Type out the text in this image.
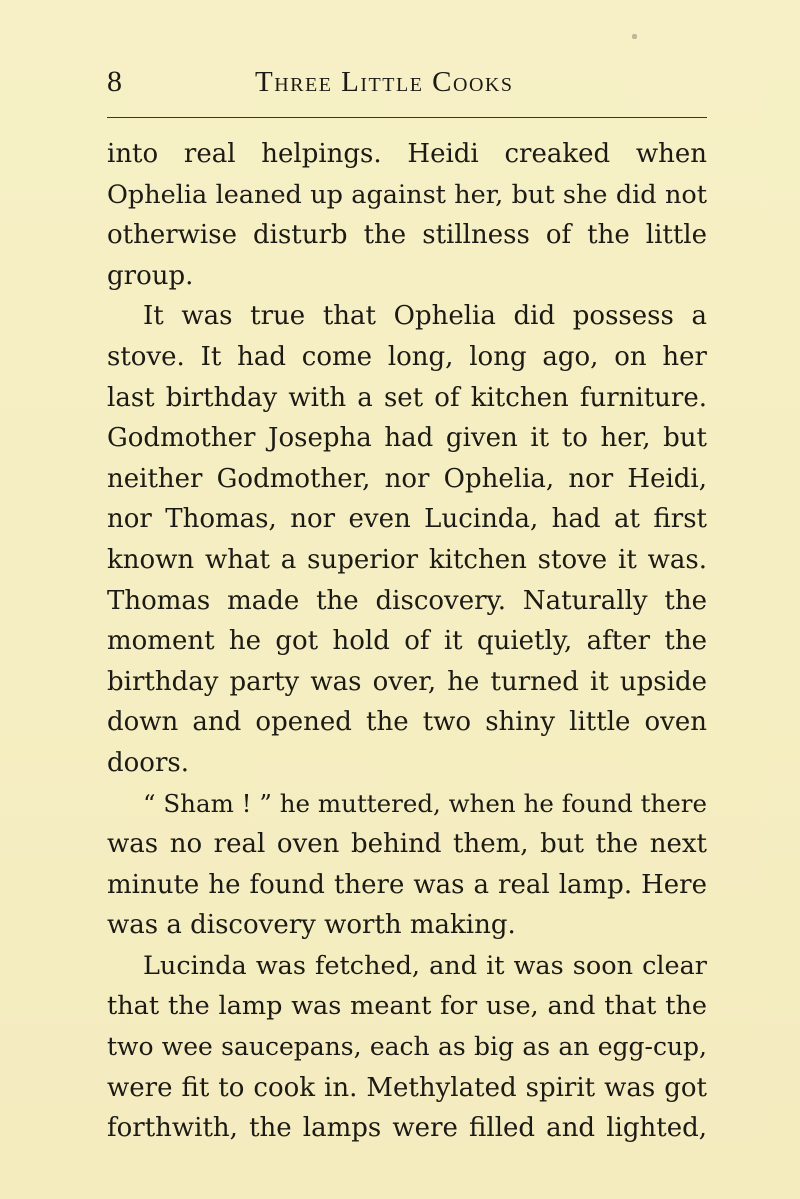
8	Three Little Cooks
into real helpings. Heidi creaked when
Ophelia leaned up against her, but she did not
otherwise disturb the stillness of the little
group.
It was true that Ophelia did possess a
stove. It had come long, long ago, on her
last birthday with a set of kitchen furniture.
Godmother Josepha had given it to her, but
neither Godmother, nor Ophelia, nor Heidi,
nor Thomas, nor even Lucinda, had at first
known what a superior kitchen stove it was.
Thomas made the discovery. Naturally the
moment he got hold of it quietly, after the
birthday party was over, he turned it upside
down and opened the two shiny little oven
doors.
“ Sham ! ” he muttered, when he found there
was no real oven behind them, but the next
minute he found there was a real lamp. Here
was a discovery worth making.
Lucinda was fetched, and it was soon clear
that the lamp was meant for use, and that the
two wee saucepans, each as big as an egg-cup,
were fit to cook in. Methylated spirit was got
forthwith, the lamps were filled and lighted,
